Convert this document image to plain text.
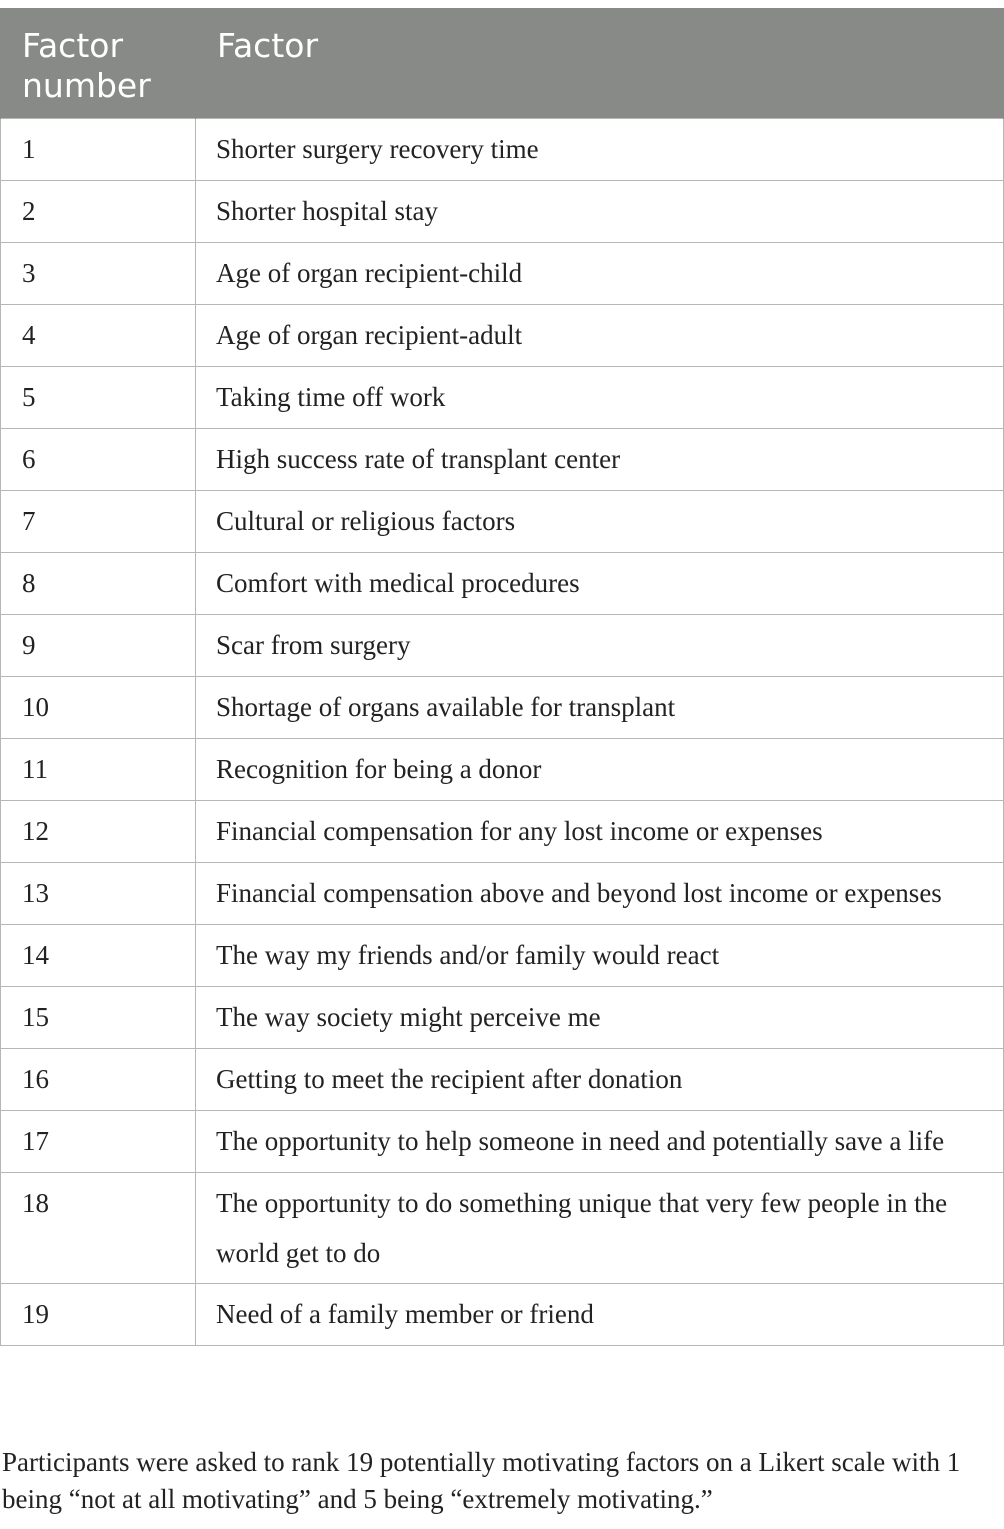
Factor number	Factor
1	Shorter surgery recovery time
2	Shorter hospital stay
3	Age of organ recipient-child
4	Age of organ recipient-adult
5	Taking time off work
6	High success rate of transplant center
7	Cultural or religious factors
8	Comfort with medical procedures
9	Scar from surgery
10	Shortage of organs available for transplant
11	Recognition for being a donor
12	Financial compensation for any lost income or expenses
13	Financial compensation above and beyond lost income or expenses
14	The way my friends and/or family would react
15	The way society might perceive me
16	Getting to meet the recipient after donation
17	The opportunity to help someone in need and potentially save a life
18	The opportunity to do something unique that very few people in the world get to do
19	Need of a family member or friend
Participants were asked to rank 19 potentially motivating factors on a Likert scale with 1 being “not at all motivating” and 5 being “extremely motivating.”
